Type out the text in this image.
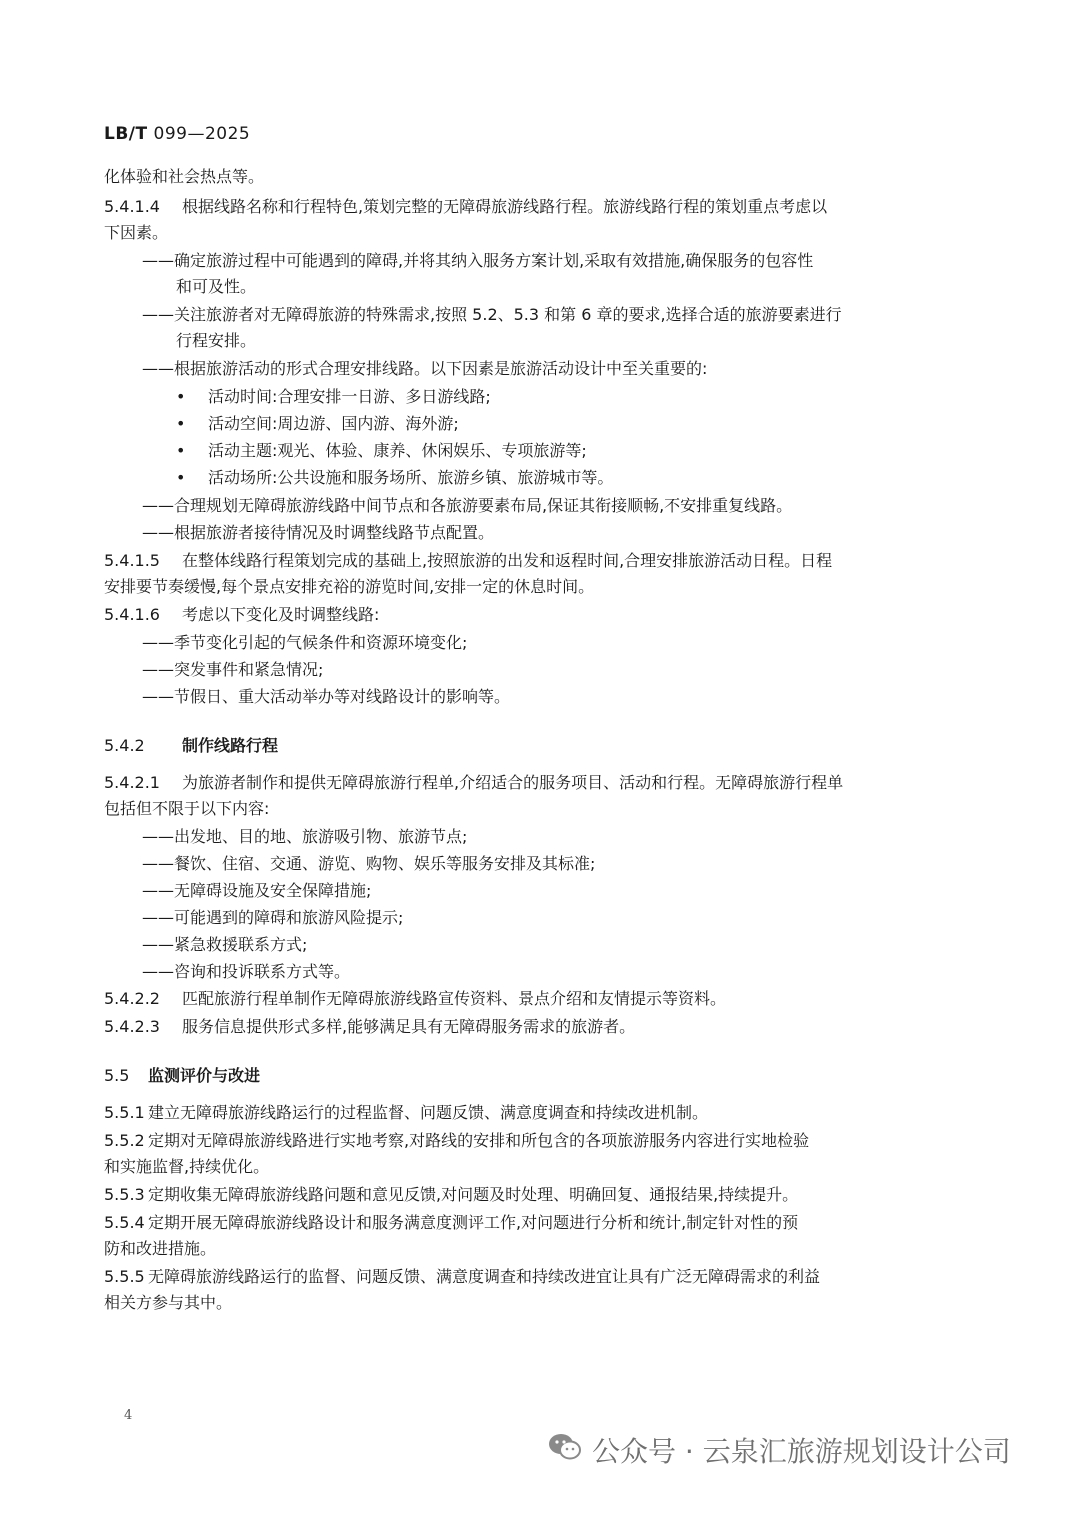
LB/T 099—2025
化体验和社会热点等。
5.4.1.4 根据线路名称和行程特色,策划完整的无障碍旅游线路行程。旅游线路行程的策划重点考虑以
下因素。
——确定旅游过程中可能遇到的障碍,并将其纳入服务方案计划,采取有效措施,确保服务的包容性
和可及性。
——关注旅游者对无障碍旅游的特殊需求,按照 5.2、5.3 和第 6 章的要求,选择合适的旅游要素进行
行程安排。
——根据旅游活动的形式合理安排线路。以下因素是旅游活动设计中至关重要的:
• 活动时间:合理安排一日游、多日游线路;
• 活动空间:周边游、国内游、海外游;
• 活动主题:观光、体验、康养、休闲娱乐、专项旅游等;
• 活动场所:公共设施和服务场所、旅游乡镇、旅游城市等。
——合理规划无障碍旅游线路中间节点和各旅游要素布局,保证其衔接顺畅,不安排重复线路。
——根据旅游者接待情况及时调整线路节点配置。
5.4.1.5 在整体线路行程策划完成的基础上,按照旅游的出发和返程时间,合理安排旅游活动日程。日程
安排要节奏缓慢,每个景点安排充裕的游览时间,安排一定的休息时间。
5.4.1.6 考虑以下变化及时调整线路:
——季节变化引起的气候条件和资源环境变化;
——突发事件和紧急情况;
——节假日、重大活动举办等对线路设计的影响等。
5.4.2 制作线路行程
5.4.2.1 为旅游者制作和提供无障碍旅游行程单,介绍适合的服务项目、活动和行程。无障碍旅游行程单
包括但不限于以下内容:
——出发地、目的地、旅游吸引物、旅游节点;
——餐饮、住宿、交通、游览、购物、娱乐等服务安排及其标准;
——无障碍设施及安全保障措施;
——可能遇到的障碍和旅游风险提示;
——紧急救援联系方式;
——咨询和投诉联系方式等。
5.4.2.2 匹配旅游行程单制作无障碍旅游线路宣传资料、景点介绍和友情提示等资料。
5.4.2.3 服务信息提供形式多样,能够满足具有无障碍服务需求的旅游者。
5.5 监测评价与改进
5.5.1 建立无障碍旅游线路运行的过程监督、问题反馈、满意度调查和持续改进机制。
5.5.2 定期对无障碍旅游线路进行实地考察,对路线的安排和所包含的各项旅游服务内容进行实地检验
和实施监督,持续优化。
5.5.3 定期收集无障碍旅游线路问题和意见反馈,对问题及时处理、明确回复、通报结果,持续提升。
5.5.4 定期开展无障碍旅游线路设计和服务满意度测评工作,对问题进行分析和统计,制定针对性的预
防和改进措施。
5.5.5 无障碍旅游线路运行的监督、问题反馈、满意度调查和持续改进宜让具有广泛无障碍需求的利益
相关方参与其中。
4
公众号 · 云泉汇旅游规划设计公司
